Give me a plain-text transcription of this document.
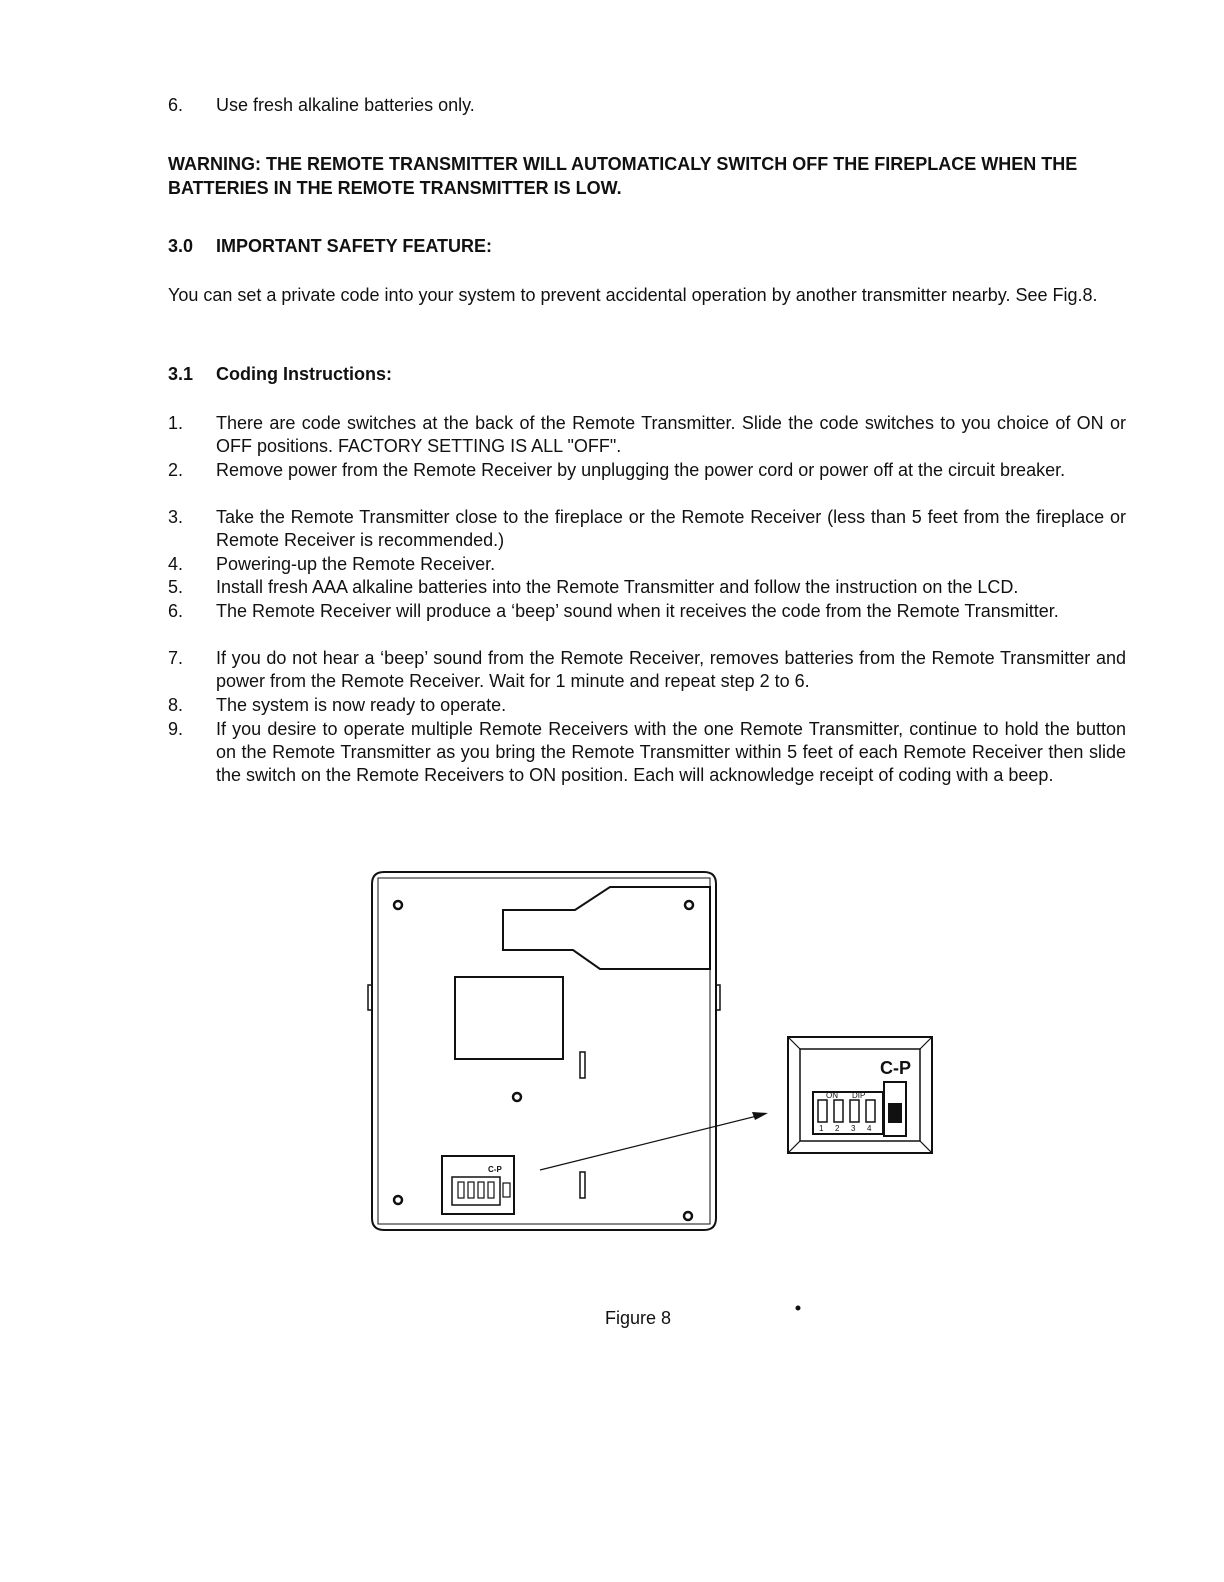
6.	Use fresh alkaline batteries only.
WARNING: THE REMOTE TRANSMITTER WILL AUTOMATICALY SWITCH OFF THE FIREPLACE WHEN THE BATTERIES IN THE REMOTE TRANSMITTER IS LOW.
3.0 IMPORTANT SAFETY FEATURE:
You can set a private code into your system to prevent accidental operation by another transmitter nearby. See Fig.8.
3.1 Coding Instructions:
1.	There are code switches at the back of the Remote Transmitter. Slide the code switches to you choice of ON or OFF positions. FACTORY SETTING IS ALL "OFF".
2.	Remove power from the Remote Receiver by unplugging the power cord or power off at the circuit breaker.
3.	Take the Remote Transmitter close to the fireplace or the Remote Receiver (less than 5 feet from the fireplace or Remote Receiver is recommended.)
4.	Powering-up the Remote Receiver.
5.	Install fresh AAA alkaline batteries into the Remote Transmitter and follow the instruction on the LCD.
6.	The Remote Receiver will produce a ‘beep’ sound when it receives the code from the Remote Transmitter.
7.	If you do not hear a ‘beep’ sound from the Remote Receiver, removes batteries from the Remote Transmitter and power from the Remote Receiver. Wait for 1 minute and repeat step 2 to 6.
8.	The system is now ready to operate.
9.	If you desire to operate multiple Remote Receivers with the one Remote Transmitter, continue to hold the button on the Remote Transmitter as you bring the Remote Transmitter within 5 feet of each Remote Receiver then slide the switch on the Remote Receivers to ON position. Each will acknowledge receipt of coding with a beep.
C-P
C-P
ON DIP
1 2 3 4
Figure 8
